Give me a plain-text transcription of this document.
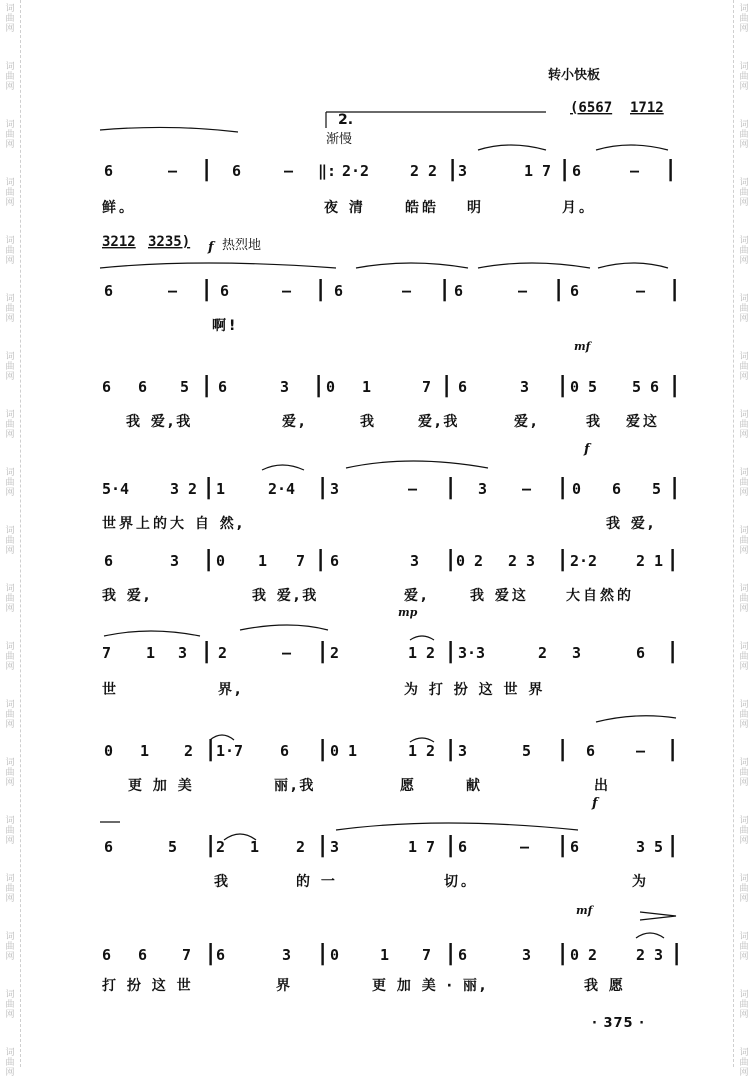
词
曲
网
词
曲
网
词
曲
网
词
曲
网
词
曲
网
词
曲
网
词
曲
网
词
曲
网
词
曲
网
词
曲
网
词
曲
网
词
曲
网
词
曲
网
词
曲
网
词
曲
网
词
曲
网
词
曲
网
词
曲
网
词
曲
网
词
曲
网
词
曲
网
词
曲
网
词
曲
网
词
曲
网
词
曲
网
词
曲
网
词
曲
网
词
曲
网
词
曲
网
词
曲
网
词
曲
网
词
曲
网
词
曲
网
词
曲
网
词
曲
网
词
曲
网
词
曲
网
词
曲
网
转小快板
2.
渐慢
热烈地
f
mf
f
mp
f
mf
6	— | 6	— ‖: 2·2	2 2 |
3	1 7 | 6	— |
鲜。	夜 清	皓皓 明	月。
6	— | 6	— | 6	— | 6	— | 6	— |
啊!
6 6 5 | 6	3 | 0 1	7 | 6	3 | 0 5 5 6 |
我 爱,我	爱,	我	爱,我	爱,	我 爱这
5·4	3 2 | 1	2·4 | 3	— | 3 — | 0 6 5 |
世界上的大 自 然,	我 爱,
6	3 | 0 1 7 | 6	3 |
0 2 2 3 | 2·2	2 1 |
我 爱,	我 爱,我	爱,	我 爱这	大自然的
7 1 3 | 2	— | 2	1 2 | 3·3	2 3	6 |
世	界,	为 打 扮 这 世 界
0 1 2 |
1·7 6 | 0 1	1 2 | 3	5 | 6	— |
更 加 美	丽,我	愿	献	出
6	5 |
2 1 2 | 3	1 7 | 6	— | 6	3 5 |
我	的 一	切。	为
6 6 7 |
6	3 | 0	1 7 | 6	3 | 0 2	2 3 |
打 扮 这 世	界	更 加 美 · 丽,	我 愿
(6567 1712
3212 3235)
· 375 ·
